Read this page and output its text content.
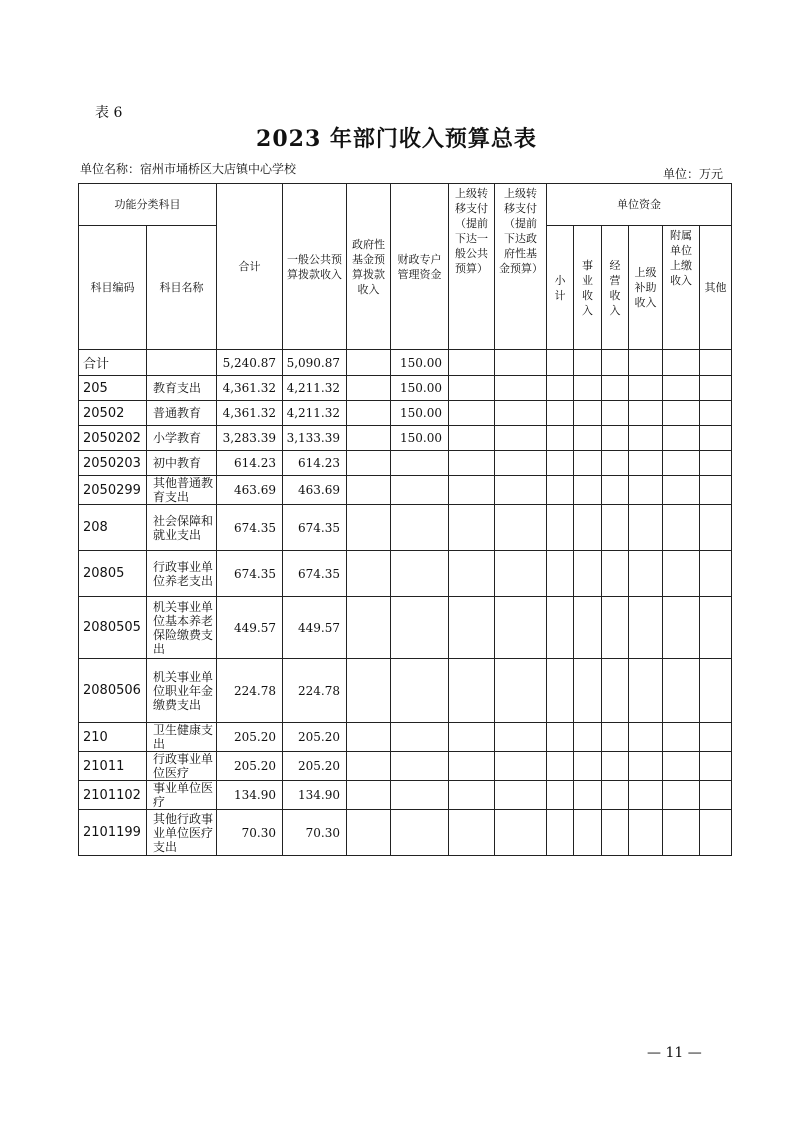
表 6
2023 年部门收入预算总表
单位名称：宿州市埇桥区大店镇中心学校	单位：万元
功能分类科目		合计	一般公共预算拨款收入	政府性基金预算拨款收入	财政专户管理资金	上级转移支付（提前下达一般公共预算）	上级转移支付（提前下达政府性基金预算）	单位资金					
科目编码	科目名称							小计	事业收入	经营收入	上级补助收入	附属单位上缴收入	其他
合计		5,240.87	5,090.87		150.00								
205	教育支出	4,361.32	4,211.32		150.00								
20502	普通教育	4,361.32	4,211.32		150.00								
2050202	小学教育	3,283.39	3,133.39		150.00								
2050203	初中教育	614.23	614.23										
2050299	其他普通教育支出	463.69	463.69										
208	社会保障和就业支出	674.35	674.35										
20805	行政事业单位养老支出	674.35	674.35										
2080505	机关事业单位基本养老保险缴费支出	449.57	449.57										
2080506	机关事业单位职业年金缴费支出	224.78	224.78										
210	卫生健康支出	205.20	205.20										
21011	行政事业单位医疗	205.20	205.20										
2101102	事业单位医疗	134.90	134.90										
2101199	其他行政事业单位医疗支出	70.30	70.30										
— 11 —
